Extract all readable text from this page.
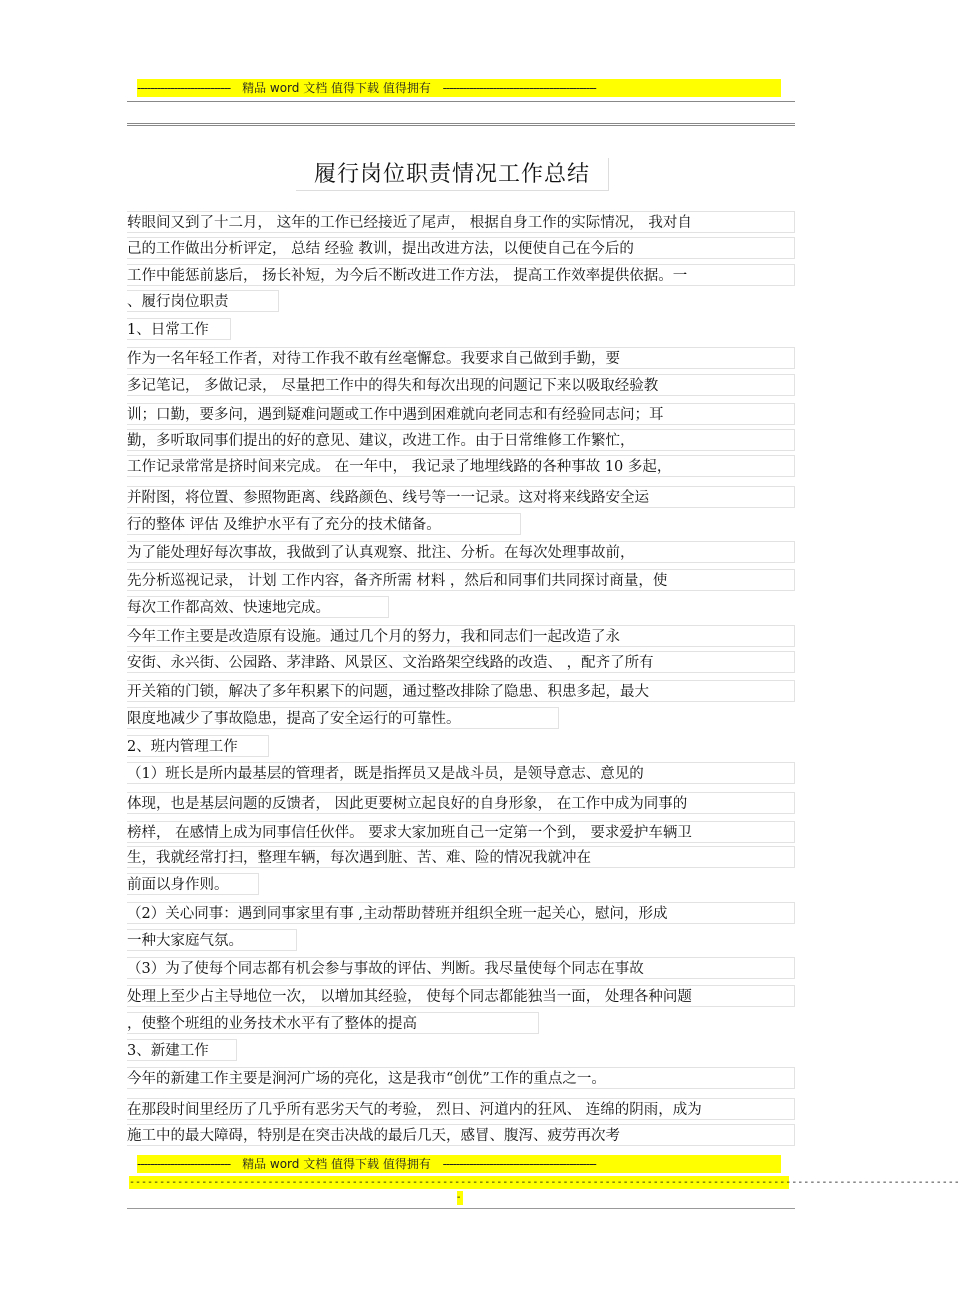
---------------------------- 精品 word 文档 值得下载 值得拥有 ----------------------------------------------
履行岗位职责情况工作总结
转眼间又到了十二月， 这年的工作已经接近了尾声， 根据自身工作的实际情况， 我对自
己的工作做出分析评定， 总结 经验 教训，提出改进方法，以便使自己在今后的
工作中能惩前毖后， 扬长补短，为今后不断改进工作方法， 提高工作效率提供依据。一
、履行岗位职责
1、日常工作
作为一名年轻工作者，对待工作我不敢有丝毫懈怠。我要求自己做到手勤，要
多记笔记， 多做记录， 尽量把工作中的得失和每次出现的问题记下来以吸取经验教
训；口勤，要多问，遇到疑难问题或工作中遇到困难就向老同志和有经验同志问；耳
勤，多听取同事们提出的好的意见、建议，改进工作。由于日常维修工作繁忙，
工作记录常常是挤时间来完成。 在一年中， 我记录了地埋线路的各种事故 10 多起，
并附图，将位置、参照物距离、线路颜色、线号等一一记录。这对将来线路安全运
行的整体 评估 及维护水平有了充分的技术储备。
为了能处理好每次事故，我做到了认真观察、批注、分析。在每次处理事故前，
先分析巡视记录， 计划 工作内容，备齐所需 材料 ，然后和同事们共同探讨商量，使
每次工作都高效、快速地完成。
今年工作主要是改造原有设施。通过几个月的努力，我和同志们一起改造了永
安街、永兴街、公园路、茅津路、风景区、文治路架空线路的改造、 ，配齐了所有
开关箱的门锁，解决了多年积累下的问题，通过整改排除了隐患、积患多起，最大
限度地减少了事故隐患，提高了安全运行的可靠性。
2、班内管理工作
（1）班长是所内最基层的管理者，既是指挥员又是战斗员，是领导意志、意见的
体现，也是基层问题的反馈者， 因此更要树立起良好的自身形象， 在工作中成为同事的
榜样， 在感情上成为同事信任伙伴。 要求大家加班自己一定第一个到， 要求爱护车辆卫
生，我就经常打扫，整理车辆，每次遇到脏、苦、难、险的情况我就冲在
前面以身作则。
（2）关心同事：遇到同事家里有事 ,主动帮助替班并组织全班一起关心，慰问，形成
一种大家庭气氛。
（3）为了使每个同志都有机会参与事故的评估、判断。我尽量使每个同志在事故
处理上至少占主导地位一次， 以增加其经验， 使每个同志都能独当一面， 处理各种问题
，使整个班组的业务技术水平有了整体的提高
3、新建工作
今年的新建工作主要是涧河广场的亮化，这是我市“创优”工作的重点之一。
在那段时间里经历了几乎所有恶劣天气的考验， 烈日、河道内的狂风、 连绵的阴雨，成为
施工中的最大障碍，特别是在突击决战的最后几天，感冒、腹泻、疲劳再次考
---------------------------- 精品 word 文档 值得下载 值得拥有 ----------------------------------------------
------------------------------------------------------------------------------------------------------------------------------------------
-
